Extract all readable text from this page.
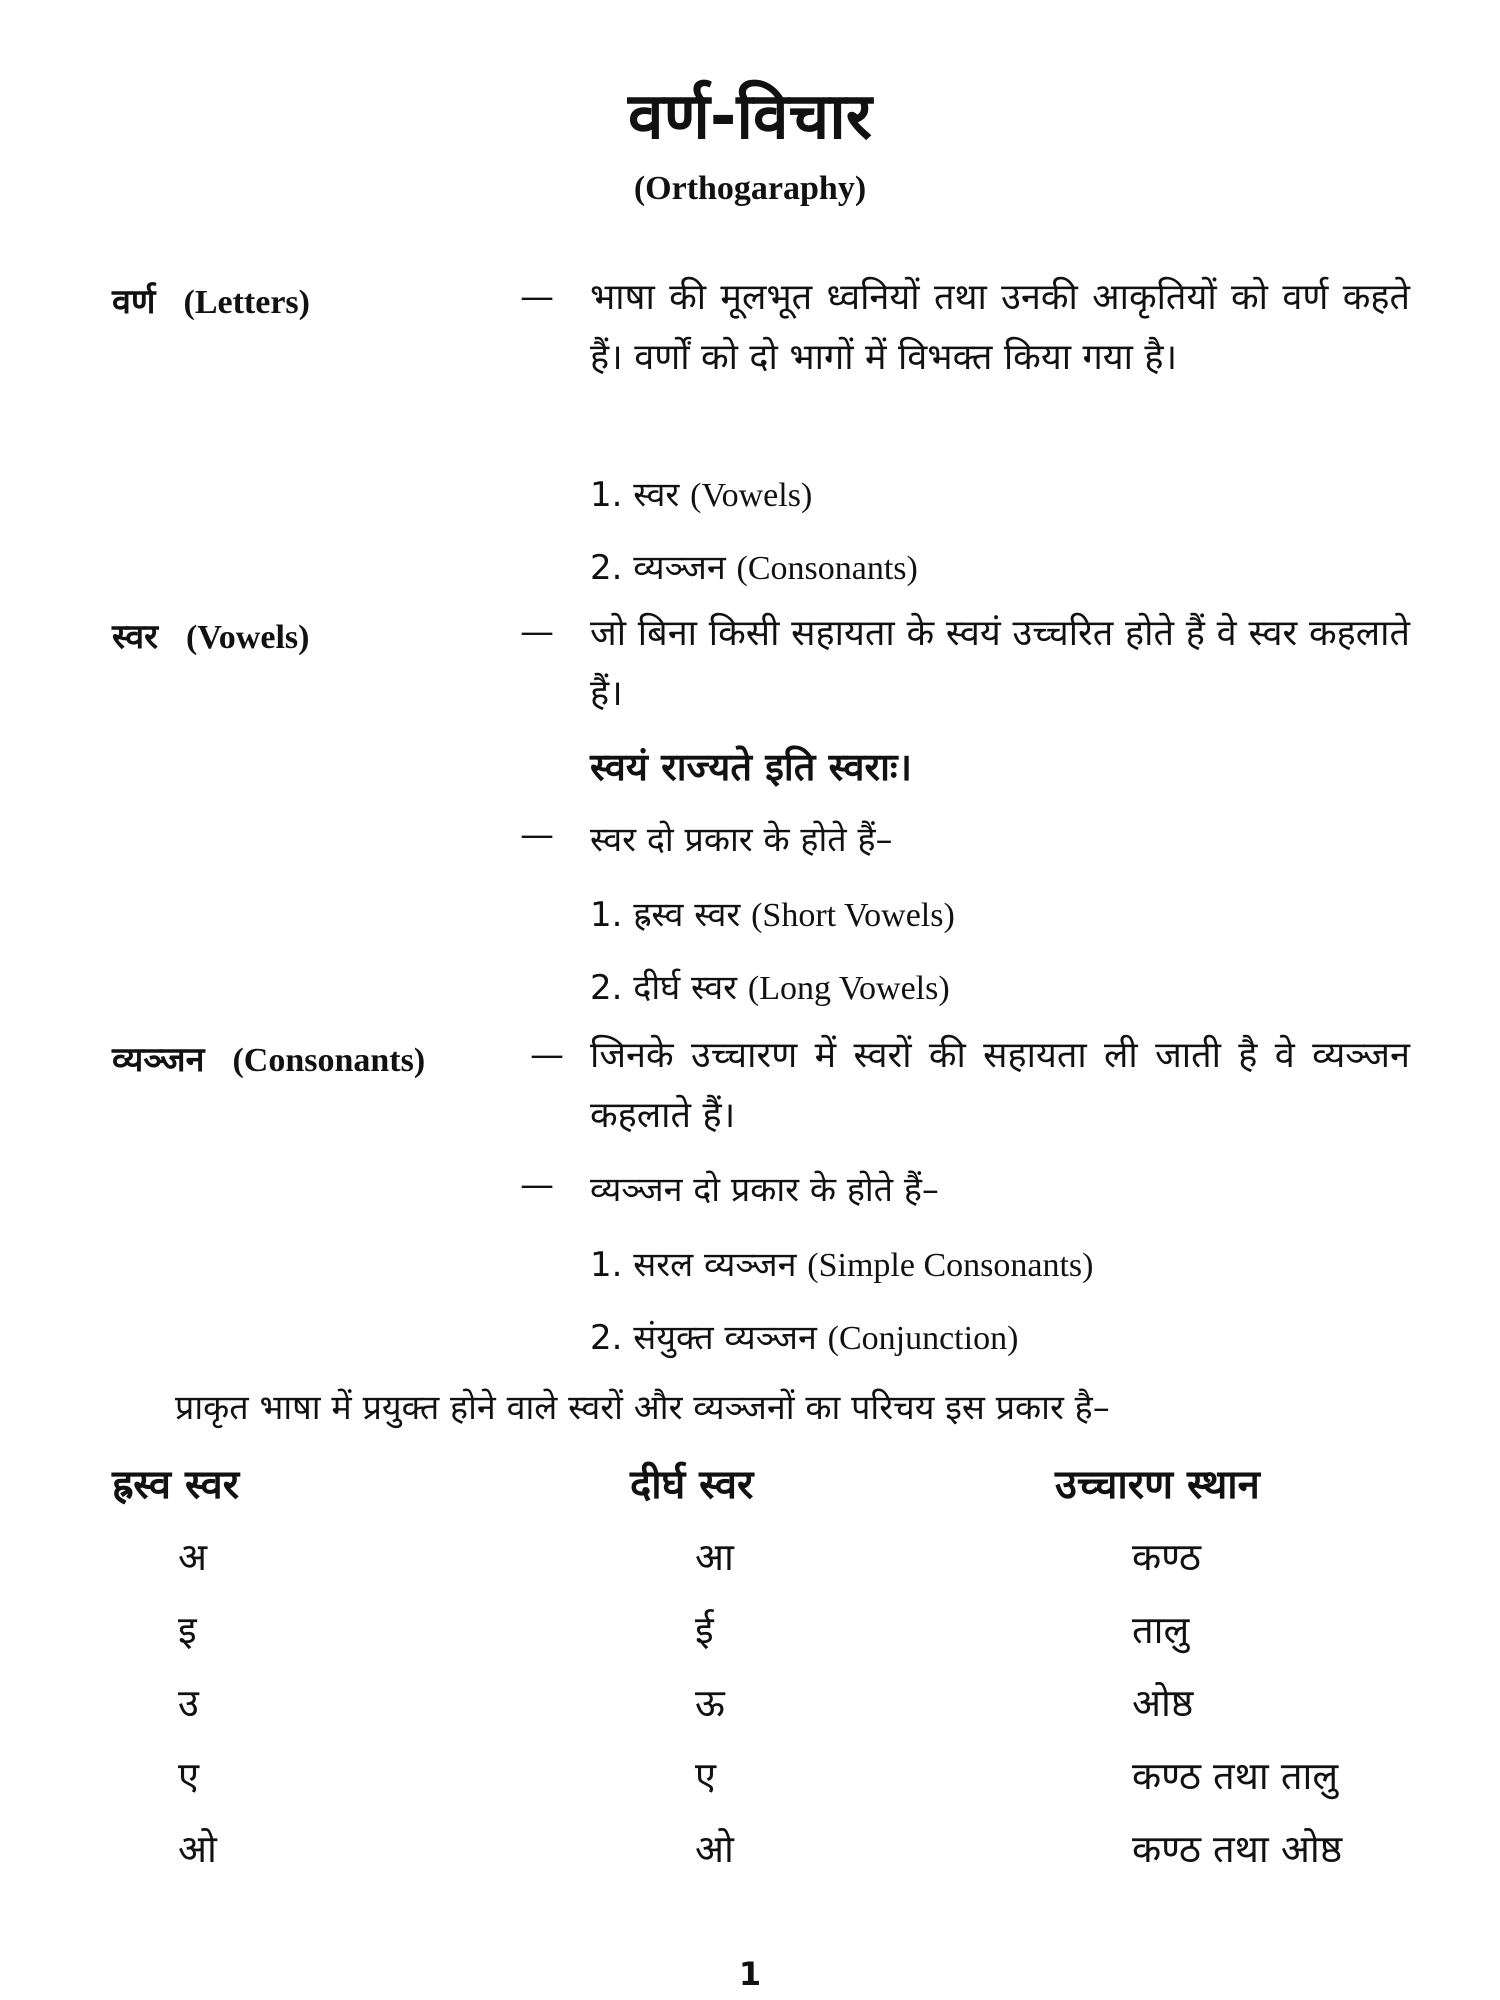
वर्ण-विचार
(Orthogaraphy)
वर्ण (Letters)	— भाषा की मूलभूत ध्वनियों तथा उनकी आकृतियों को वर्ण कहते हैं। वर्णों को दो भागों में विभक्त किया गया है।
1. स्वर (Vowels)
2. व्यञ्जन (Consonants)
स्वर (Vowels)	— जो बिना किसी सहायता के स्वयं उच्चरित होते हैं वे स्वर कहलाते हैं।
स्वयं राज्यते इति स्वराः।
— स्वर दो प्रकार के होते हैं–
1. ह्रस्व स्वर (Short Vowels)
2. दीर्घ स्वर (Long Vowels)
व्यञ्जन (Consonants)	— जिनके उच्चारण में स्वरों की सहायता ली जाती है वे व्यञ्जन कहलाते हैं।
— व्यञ्जन दो प्रकार के होते हैं–
1. सरल व्यञ्जन (Simple Consonants)
2. संयुक्त व्यञ्जन (Conjunction)
प्राकृत भाषा में प्रयुक्त होने वाले स्वरों और व्यञ्जनों का परिचय इस प्रकार है–
ह्रस्व स्वर	दीर्घ स्वर	उच्चारण स्थान
अ	आ	कण्ठ
इ	ई	तालु
उ	ऊ	ओष्ठ
ए	ए	कण्ठ तथा तालु
ओ	ओ	कण्ठ तथा ओष्ठ
1
